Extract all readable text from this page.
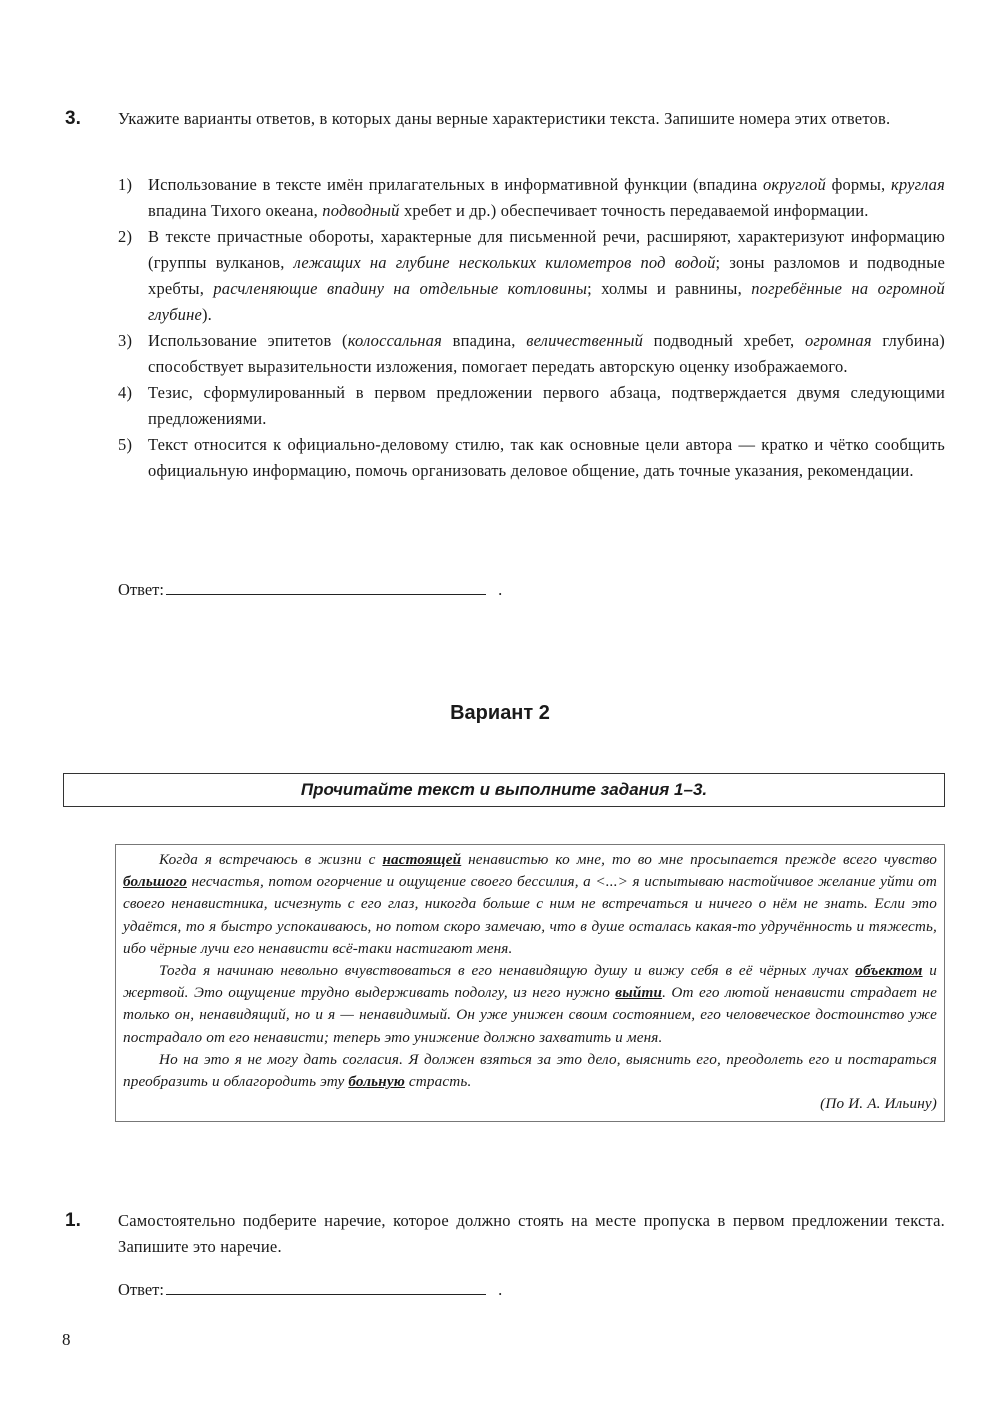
3. Укажите варианты ответов, в которых даны верные характеристики текста. Запишите номера этих ответов.
1) Использование в тексте имён прилагательных в информативной функции (впадина округлой формы, круглая впадина Тихого океана, подводный хребет и др.) обеспечивает точность передаваемой информации.
2) В тексте причастные обороты, характерные для письменной речи, расширяют, характеризуют информацию (группы вулканов, лежащих на глубине нескольких километров под водой; зоны разломов и подводные хребты, расчленяющие впадину на отдельные котловины; холмы и равнины, погребённые на огромной глубине).
3) Использование эпитетов (колоссальная впадина, величественный подводный хребет, огромная глубина) способствует выразительности изложения, помогает передать авторскую оценку изображаемого.
4) Тезис, сформулированный в первом предложении первого абзаца, подтверждается двумя следующими предложениями.
5) Текст относится к официально-деловому стилю, так как основные цели автора — кратко и чётко сообщить официальную информацию, помочь организовать деловое общение, дать точные указания, рекомендации.
Ответ:	.
Вариант 2
Прочитайте текст и выполните задания 1–3.

Когда я встречаюсь в жизни с настоящей ненавистью ко мне, то во мне просыпается прежде всего чувство большого несчастья, потом огорчение и ощущение своего бессилия, а <...> я испытываю настойчивое желание уйти от своего ненавистника, исчезнуть с его глаз, никогда больше с ним не встречаться и ничего о нём не знать. Если это удаётся, то я быстро успокаиваюсь, но потом скоро замечаю, что в душе осталась какая-то удручённость и тяжесть, ибо чёрные лучи его ненависти всё-таки настигают меня.

Тогда я начинаю невольно вчувствоваться в его ненавидящую душу и вижу себя в её чёрных лучах объектом и жертвой. Это ощущение трудно выдерживать подолгу, из него нужно выйти. От его лютой ненависти страдает не только он, ненавидящий, но и я — ненавидимый. Он уже унижен своим состоянием, его человеческое достоинство уже пострадало от его ненависти; теперь это унижение должно захватить и меня.

Но на это я не могу дать согласия. Я должен взяться за это дело, выяснить его, преодолеть его и постараться преобразить и облагородить эту больную страсть.

(По И. А. Ильину)
1. Самостоятельно подберите наречие, которое должно стоять на месте пропуска в первом предложении текста. Запишите это наречие.
Ответ:	.
8
